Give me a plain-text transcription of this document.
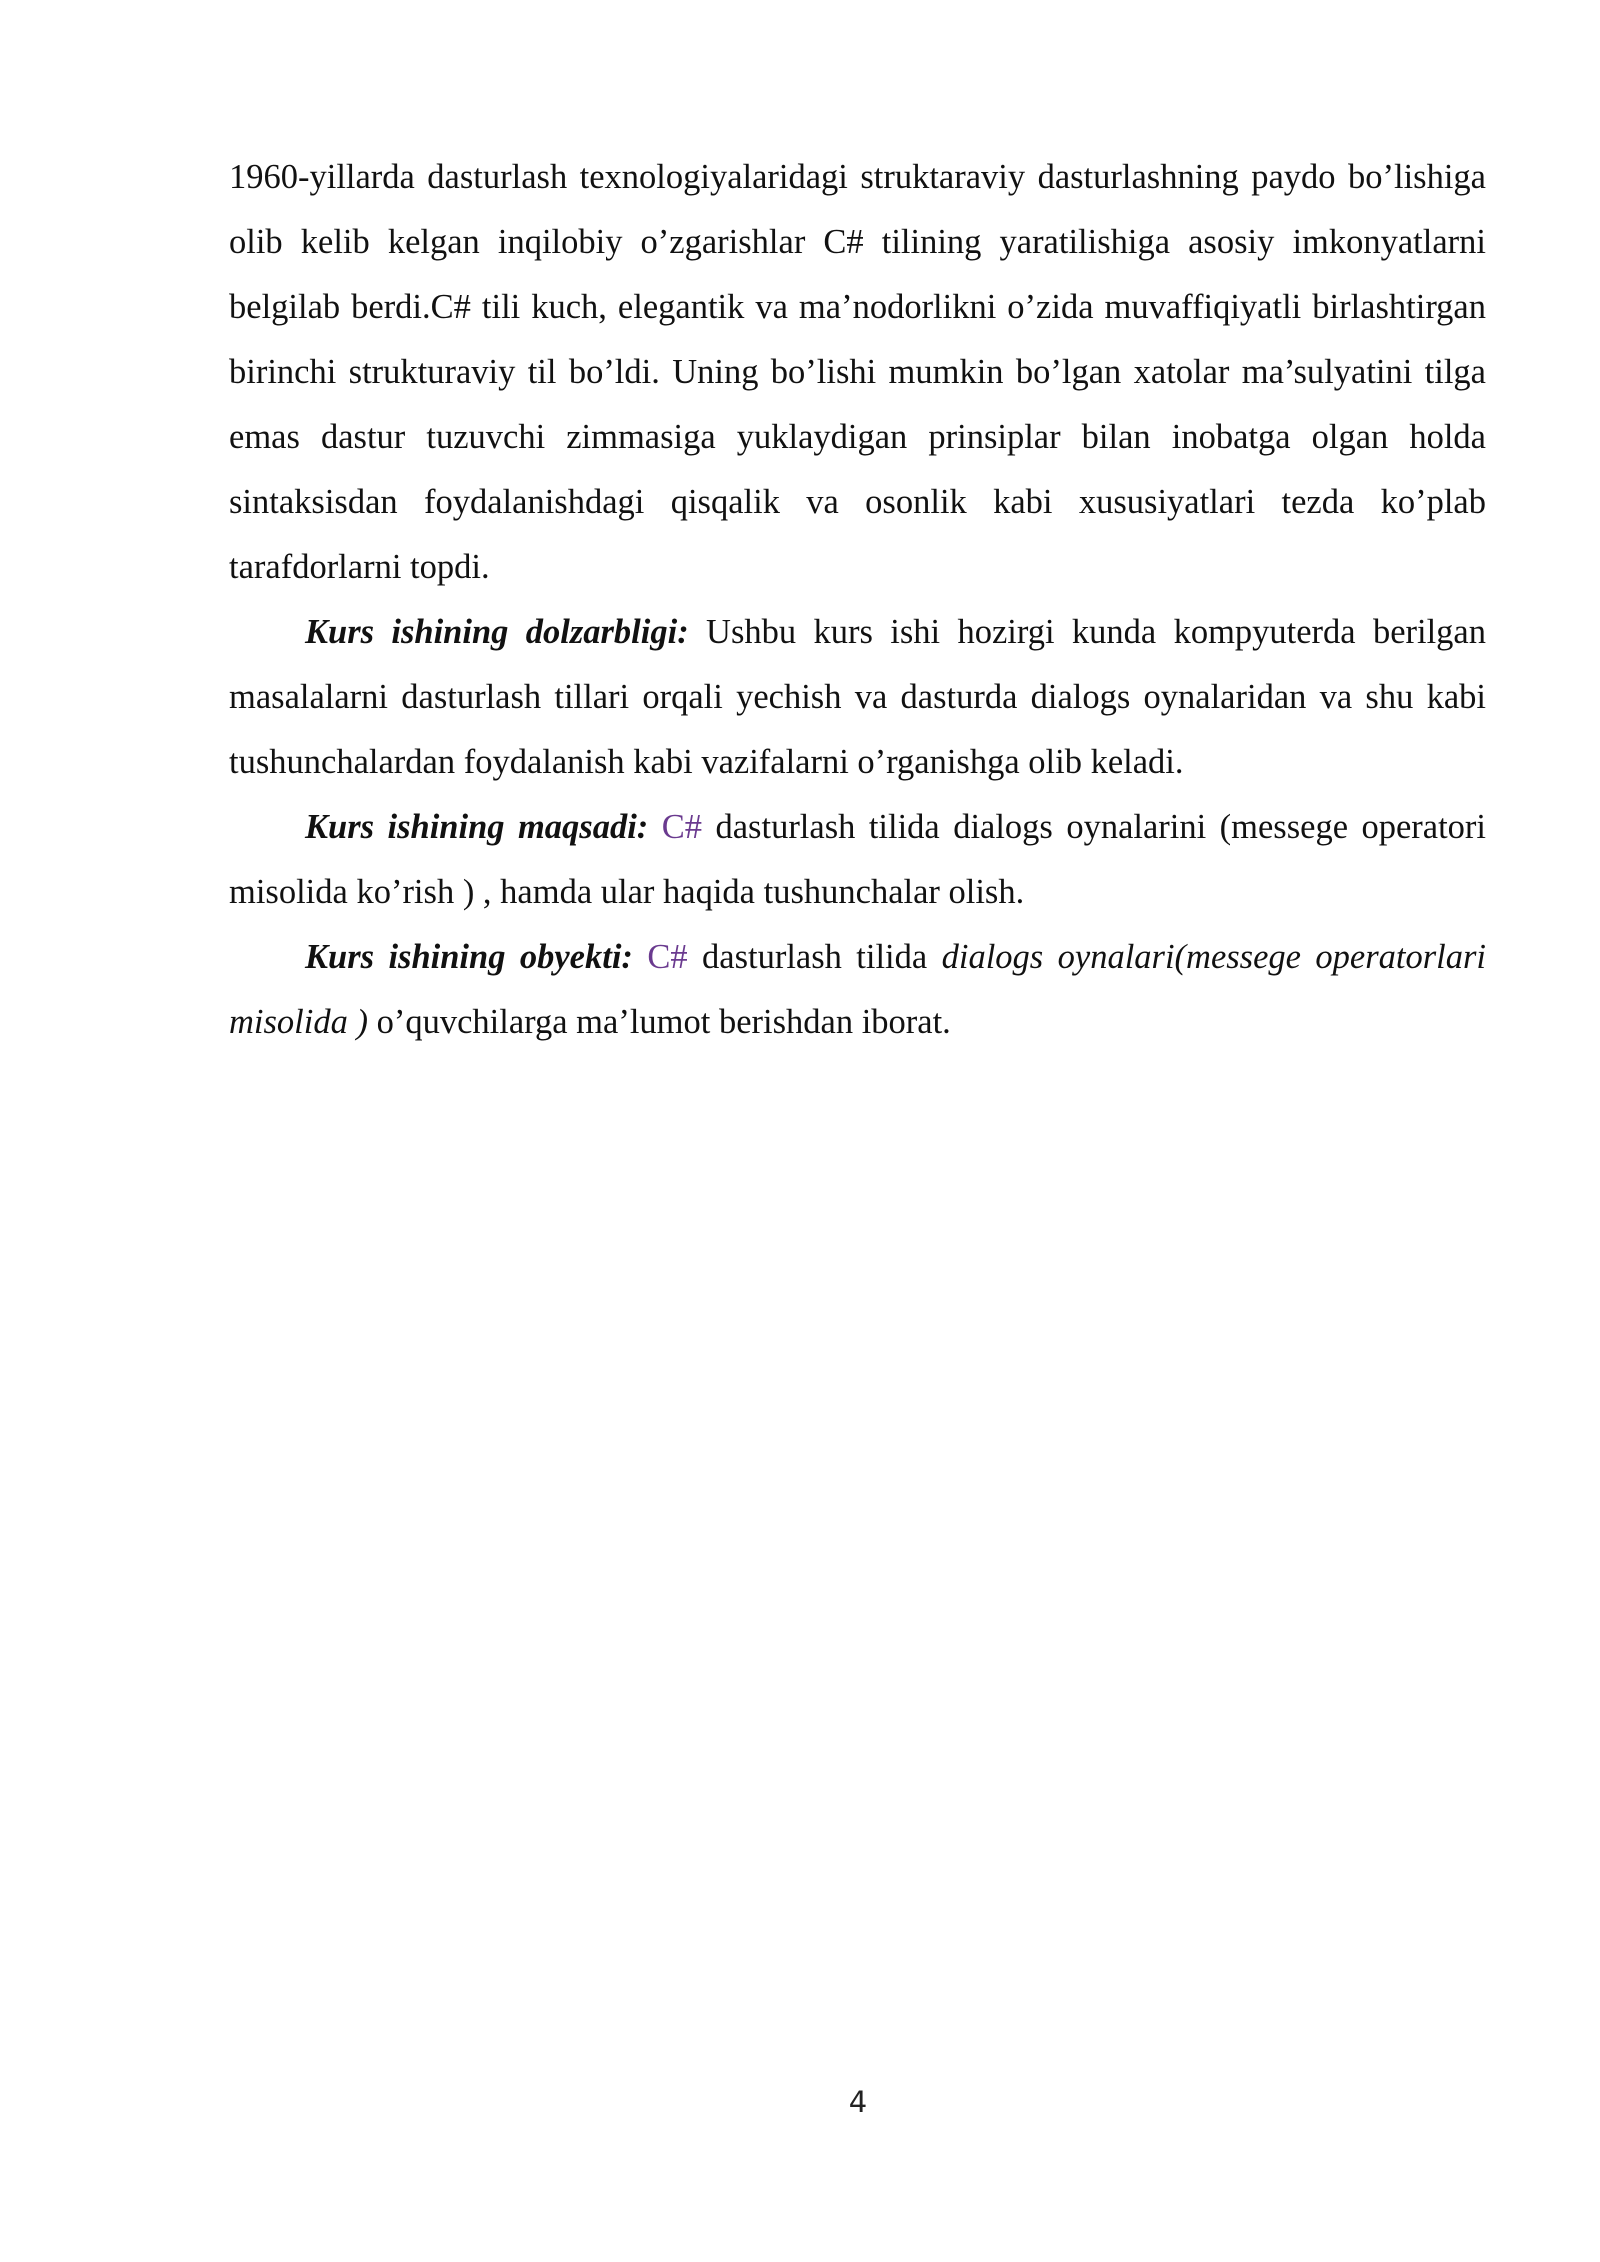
1960-yillarda dasturlash texnologiyalaridagi struktaraviy dasturlashning paydo bo’lishiga olib kelib kelgan inqilobiy o’zgarishlar C# tilining yaratilishiga asosiy imkonyatlarni belgilab berdi.C# tili kuch, elegantik va ma’nodorlikni o’zida muvaffiqiyatli birlashtirgan birinchi strukturaviy til bo’ldi. Uning bo’lishi mumkin bo’lgan xatolar ma’sulyatini tilga emas dastur tuzuvchi zimmasiga yuklaydigan prinsiplar bilan inobatga olgan holda sintaksisdan foydalanishdagi qisqalik va osonlik kabi xususiyatlari tezda ko’plab tarafdorlarni topdi.

Kurs ishining dolzarbligi: Ushbu kurs ishi hozirgi kunda kompyuterda berilgan masalalarni dasturlash tillari orqali yechish va dasturda dialogs oynalaridan va shu kabi tushunchalardan foydalanish kabi vazifalarni o’rganishga olib keladi.

Kurs ishining maqsadi: C# dasturlash tilida dialogs oynalarini (messege operatori misolida ko’rish ) , hamda ular haqida tushunchalar olish.

Kurs ishining obyekti: C# dasturlash tilida dialogs oynalari(messege operatorlari misolida ) o’quvchilarga ma’lumot berishdan iborat.

4
